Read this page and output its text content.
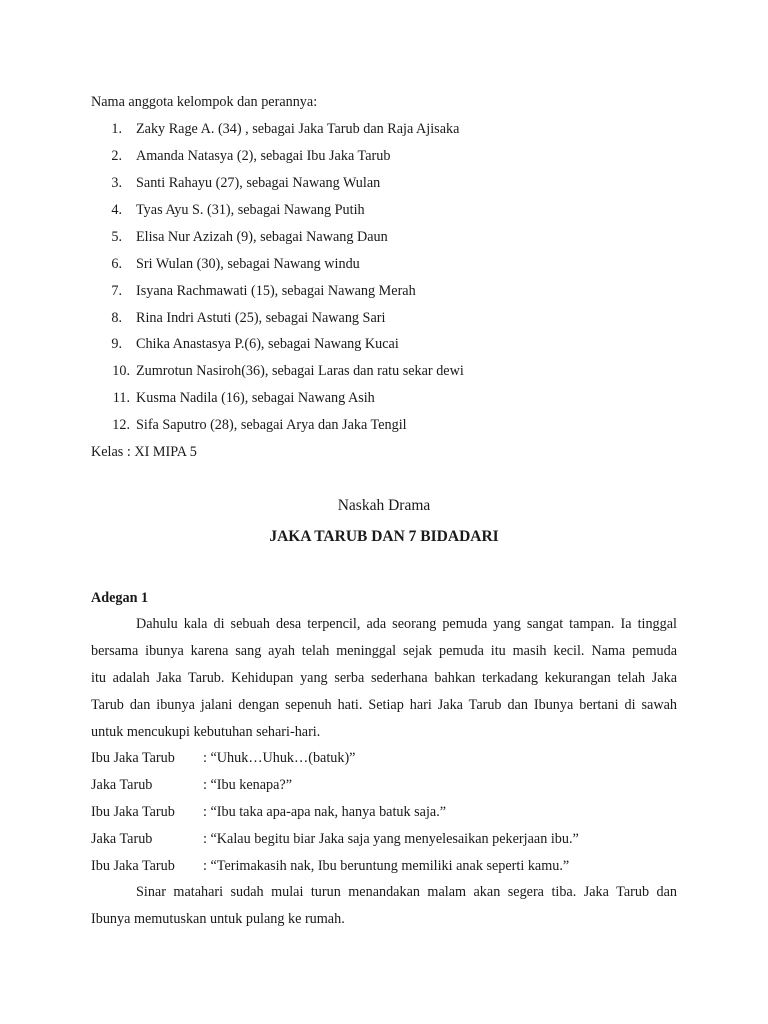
Nama anggota kelompok dan perannya:
1. Zaky Rage A. (34) , sebagai Jaka Tarub dan Raja Ajisaka
2. Amanda Natasya (2), sebagai Ibu Jaka Tarub
3. Santi Rahayu (27), sebagai Nawang Wulan
4. Tyas Ayu S. (31), sebagai Nawang Putih
5. Elisa Nur Azizah (9), sebagai Nawang Daun
6. Sri Wulan (30), sebagai Nawang windu
7. Isyana Rachmawati (15), sebagai Nawang Merah
8. Rina Indri Astuti (25), sebagai Nawang Sari
9. Chika Anastasya P.(6), sebagai Nawang Kucai
10. Zumrotun Nasiroh(36), sebagai Laras dan ratu sekar dewi
11. Kusma Nadila (16), sebagai Nawang Asih
12. Sifa Saputro (28), sebagai Arya dan Jaka Tengil
Kelas : XI MIPA 5
Naskah Drama
JAKA TARUB DAN 7 BIDADARI
Adegan 1
Dahulu kala di sebuah desa terpencil, ada seorang pemuda yang sangat tampan. Ia tinggal
bersama ibunya karena sang ayah telah meninggal sejak pemuda itu masih kecil. Nama pemuda
itu adalah Jaka Tarub. Kehidupan yang serba sederhana bahkan terkadang kekurangan telah Jaka
Tarub dan ibunya jalani dengan sepenuh hati. Setiap hari Jaka Tarub dan Ibunya bertani di sawah
untuk mencukupi kebutuhan sehari-hari.
Ibu Jaka Tarub : “Uhuk…Uhuk…(batuk)”
Jaka Tarub	: “Ibu kenapa?”
Ibu Jaka Tarub : “Ibu taka apa-apa nak, hanya batuk saja.”
Jaka Tarub	: “Kalau begitu biar Jaka saja yang menyelesaikan pekerjaan ibu.”
Ibu Jaka Tarub : “Terimakasih nak, Ibu beruntung memiliki anak seperti kamu.”
Sinar matahari sudah mulai turun menandakan malam akan segera tiba. Jaka Tarub dan
Ibunya memutuskan untuk pulang ke rumah.
